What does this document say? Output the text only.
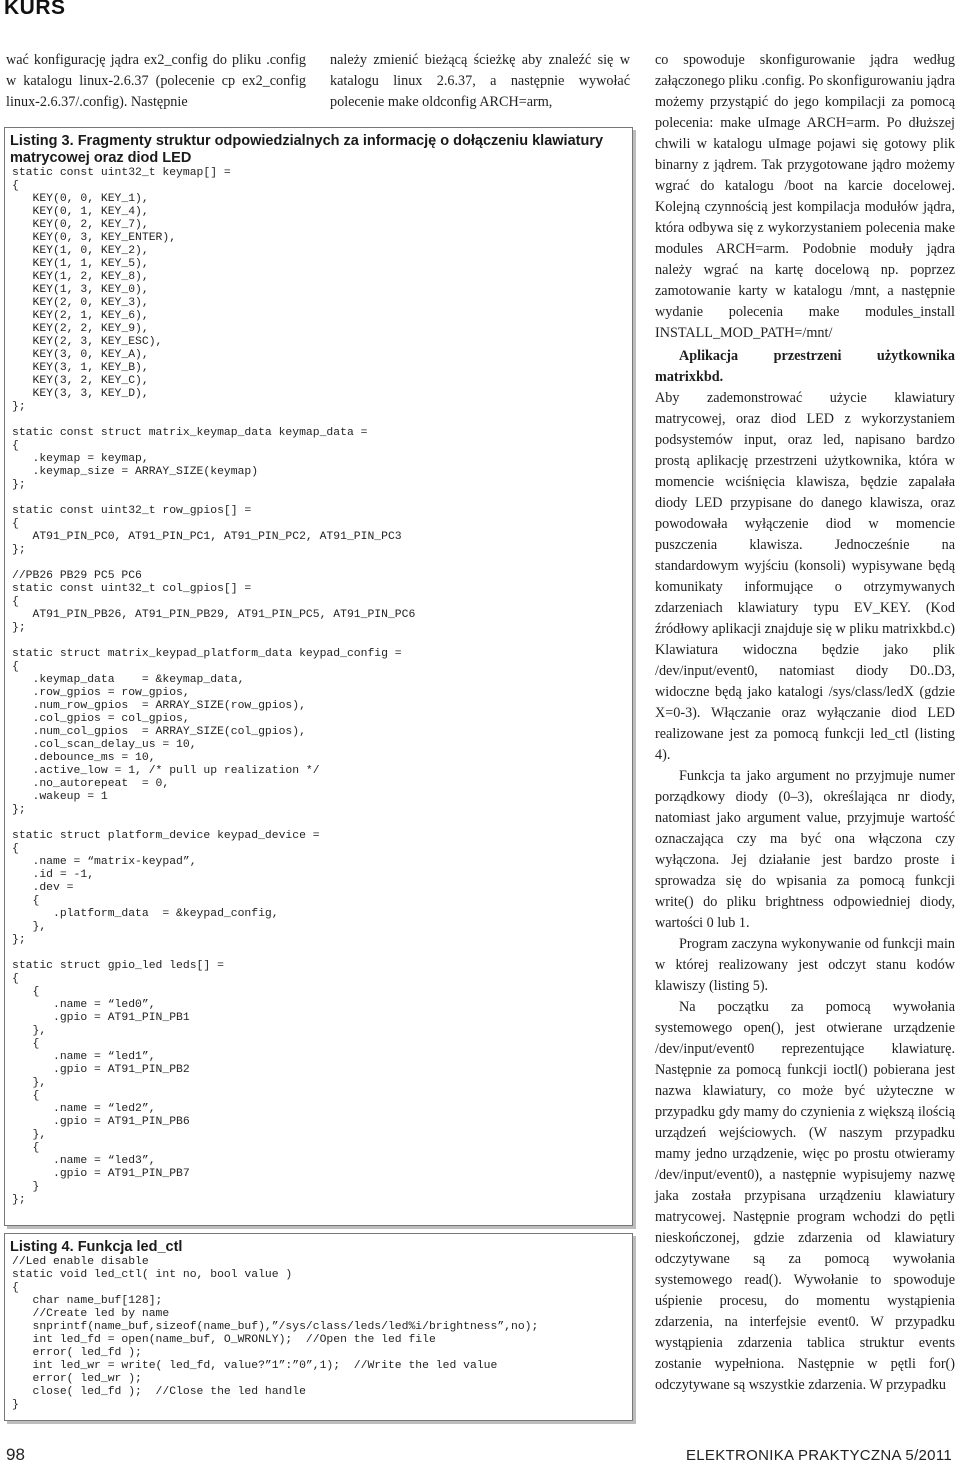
KURS

wać konfigurację jądra ex2_config do pliku .config w katalogu linux-2.6.37 (polecenie cp ex2_config linux-2.6.37/.config). Następnie

należy zmienić bieżącą ścieżkę aby znaleźć się w katalogu linux 2.6.37, a następnie wywołać polecenie make oldconfig ARCH=arm,

co spowoduje skonfigurowanie jądra według załączonego pliku .config. Po skonfigurowaniu jądra możemy przystąpić do jego kompilacji za pomocą polecenia: make uImage ARCH=arm. Po dłuższej chwili w katalogu uImage pojawi się gotowy plik binarny z jądrem. Tak przygotowane jądro możemy wgrać do katalogu /boot na karcie docelowej. Kolejną czynnością jest kompilacja modułów jądra, która odbywa się z wykorzystaniem polecenia make modules ARCH=arm. Podobnie moduły jądra należy wgrać na kartę docelową np. poprzez zamotowanie karty w katalogu /mnt, a następnie wydanie polecenia make modules_install INSTALL_MOD_PATH=/mnt/

Aplikacja przestrzeni użytkownika matrixkbd.

Aby zademonstrować użycie klawiatury matrycowej, oraz diod LED z wykorzystaniem podsystemów input, oraz led, napisano bardzo prostą aplikację przestrzeni użytkownika, która w momencie wciśnięcia klawisza, będzie zapalała diody LED przypisane do danego klawisza, oraz powodowała wyłączenie diod w momencie puszczenia klawisza. Jednocześnie na standardowym wyjściu (konsoli) wypisywane będą komunikaty informujące o otrzymywanych zdarzeniach klawiatury typu EV_KEY. (Kod źródłowy aplikacji znajduje się w pliku matrixkbd.c) Klawiatura widoczna będzie jako plik /dev/input/event0, natomiast diody D0..D3, widoczne będą jako katalogi /sys/class/ledX (gdzie X=0-3). Włączanie oraz wyłączanie diod LED realizowane jest za pomocą funkcji led_ctl (listing 4).

Funkcja ta jako argument no przyjmuje numer porządkowy diody (0–3), określająca nr diody, natomiast jako argument value, przyjmuje wartość oznaczająca czy ma być ona włączona czy wyłączona. Jej działanie jest bardzo proste i sprowadza się do wpisania za pomocą funkcji write() do pliku brightness odpowiedniej diody, wartości 0 lub 1.

Program zaczyna wykonywanie od funkcji main w której realizowany jest odczyt stanu kodów klawiszy (listing 5).

Na początku za pomocą wywołania systemowego open(), jest otwierane urządzenie /dev/input/event0 reprezentujące klawiaturę. Następnie za pomocą funkcji ioctl() pobierana jest nazwa klawiatury, co może być użyteczne w przypadku gdy mamy do czynienia z większą ilością urządzeń wejściowych. (W naszym przypadku mamy jedno urządzenie, więc po prostu otwieramy /dev/input/event0), a następnie wypisujemy nazwę jaka została przypisana urządzeniu klawiatury matrycowej. Następnie program wchodzi do pętli nieskończonej, gdzie zdarzenia od klawiatury odczytywane są za pomocą wywołania systemowego read(). Wywołanie to spowoduje uśpienie procesu, do momentu wystąpienia zdarzenia, na interfejsie event0. W przypadku wystąpienia zdarzenia tablica struktur events zostanie wypełniona. Następnie w pętli for() odczytywane są wszystkie zdarzenia. W przypadku

Listing 3. Fragmenty struktur odpowiedzialnych za informację o dołączeniu klawiatury matrycowej oraz diod LED
static const uint32_t keymap[] =
{
KEY(0, 0, KEY_1),
KEY(0, 1, KEY_4),
KEY(0, 2, KEY_7),
KEY(0, 3, KEY_ENTER),
KEY(1, 0, KEY_2),
KEY(1, 1, KEY_5),
KEY(1, 2, KEY_8),
KEY(1, 3, KEY_0),
KEY(2, 0, KEY_3),
KEY(2, 1, KEY_6),
KEY(2, 2, KEY_9),
KEY(2, 3, KEY_ESC),
KEY(3, 0, KEY_A),
KEY(3, 1, KEY_B),
KEY(3, 2, KEY_C),
KEY(3, 3, KEY_D),
};

static const struct matrix_keymap_data keymap_data =
{
.keymap = keymap,
.keymap_size = ARRAY_SIZE(keymap)
};

static const uint32_t row_gpios[] =
{
AT91_PIN_PC0, AT91_PIN_PC1, AT91_PIN_PC2, AT91_PIN_PC3
};

//PB26 PB29 PC5 PC6
static const uint32_t col_gpios[] =
{
AT91_PIN_PB26, AT91_PIN_PB29, AT91_PIN_PC5, AT91_PIN_PC6
};

static struct matrix_keypad_platform_data keypad_config =
{
.keymap_data    = &keymap_data,
.row_gpios = row_gpios,
.num_row_gpios  = ARRAY_SIZE(row_gpios),
.col_gpios = col_gpios,
.num_col_gpios  = ARRAY_SIZE(col_gpios),
.col_scan_delay_us = 10,
.debounce_ms = 10,
.active_low = 1, /* pull up realization */
.no_autorepeat  = 0,
.wakeup = 1
};

static struct platform_device keypad_device =
{
.name = “matrix-keypad”,
.id = -1,
.dev =
{
.platform_data  = &keypad_config,
},
};

static struct gpio_led leds[] =
{
{
.name = “led0”,
.gpio = AT91_PIN_PB1
},
{
.name = “led1”,
.gpio = AT91_PIN_PB2
},
{
.name = “led2”,
.gpio = AT91_PIN_PB6
},
{
.name = “led3”,
.gpio = AT91_PIN_PB7
}
};
Listing 4. Funkcja led_ctl
//Led enable disable
static void led_ctl( int no, bool value )
{
char name_buf[128];
//Create led by name
snprintf(name_buf,sizeof(name_buf),”/sys/class/leds/led%i/brightness”,no);
int led_fd = open(name_buf, O_WRONLY);  //Open the led file
error( led_fd );
int led_wr = write( led_fd, value?”1”:”0”,1);  //Write the led value
error( led_wr );
close( led_fd );  //Close the led handle
}
98	ELEKTRONIKA PRAKTYCZNA 5/2011
